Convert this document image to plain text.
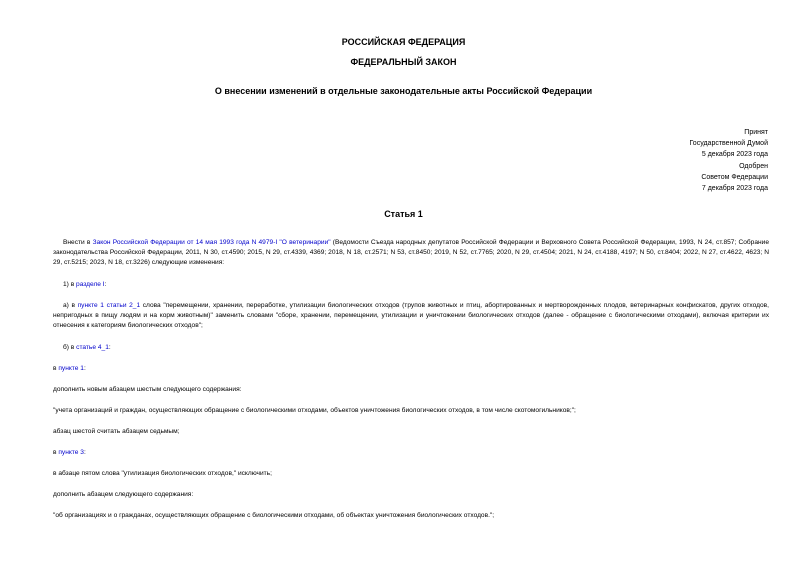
РОССИЙСКАЯ ФЕДЕРАЦИЯ
ФЕДЕРАЛЬНЫЙ ЗАКОН
О внесении изменений в отдельные законодательные акты Российской Федерации
Принят
Государственной Думой
5 декабря 2023 года
Одобрен
Советом Федерации
7 декабря 2023 года
Статья 1
Внести в Закон Российской Федерации от 14 мая 1993 года N 4979-I "О ветеринарии" (Ведомости Съезда народных депутатов Российской Федерации и Верховного Совета Российской Федерации, 1993, N 24, ст.857; Собрание законодательства Российской Федерации, 2011, N 30, ст.4590; 2015, N 29, ст.4339, 4369; 2018, N 18, ст.2571; N 53, ст.8450; 2019, N 52, ст.7765; 2020, N 29, ст.4504; 2021, N 24, ст.4188, 4197; N 50, ст.8404; 2022, N 27, ст.4622, 4623; N 29, ст.5215; 2023, N 18, ст.3226) следующие изменения:
1) в разделе I:
а) в пункте 1 статьи 2_1 слова "перемещении, хранении, переработке, утилизации биологических отходов (трупов животных и птиц, абортированных и мертворожденных плодов, ветеринарных конфискатов, других отходов, непригодных в пищу людям и на корм животным)" заменить словами "сборе, хранении, перемещении, утилизации и уничтожении биологических отходов (далее - обращение с биологическими отходами), включая критерии их отнесения к категориям биологических отходов";
б) в статье 4_1:
в пункте 1:
дополнить новым абзацем шестым следующего содержания:
"учета организаций и граждан, осуществляющих обращение с биологическими отходами, объектов уничтожения биологических отходов, в том числе скотомогильников;";
абзац шестой считать абзацем седьмым;
в пункте 3:
в абзаце пятом слова "утилизация биологических отходов," исключить;
дополнить абзацем следующего содержания:
"об организациях и о гражданах, осуществляющих обращение с биологическими отходами, об объектах уничтожения биологических отходов.";
